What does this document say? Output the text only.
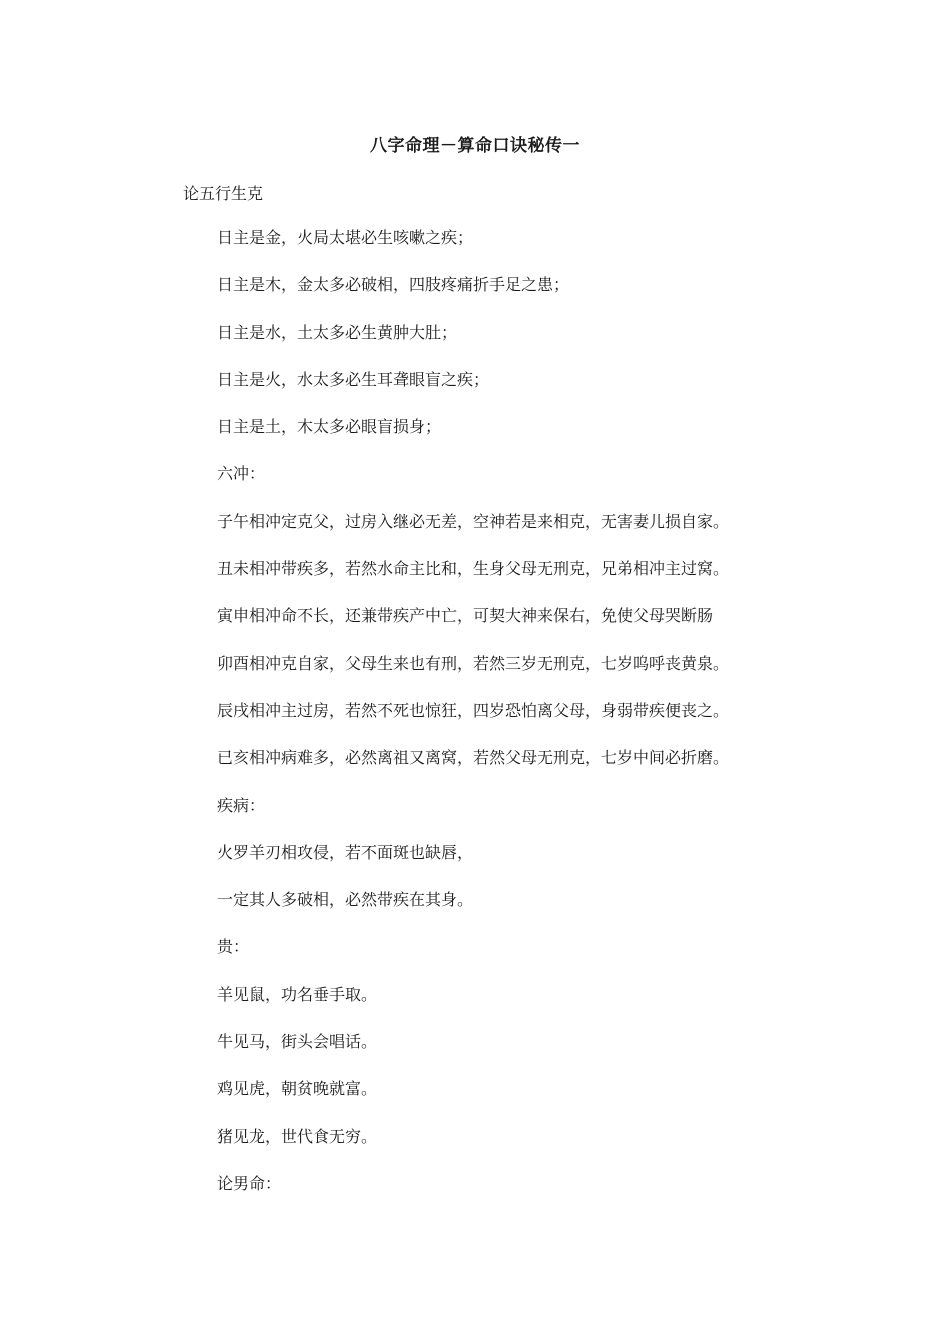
八字命理－算命口诀秘传一

论五行生克

日主是金，火局太堪必生咳嗽之疾；
日主是木，金太多必破相，四肢疼痛折手足之患；
日主是水，土太多必生黄肿大肚；
日主是火，水太多必生耳聋眼盲之疾；
日主是土，木太多必眼盲损身；
六冲：
子午相冲定克父，过房入继必无差，空神若是来相克，无害妻儿损自家。
丑未相冲带疾多，若然水命主比和，生身父母无刑克，兄弟相冲主过窝。
寅申相冲命不长，还兼带疾产中亡，可契大神来保右，免使父母哭断肠
卯酉相冲克自家，父母生来也有刑，若然三岁无刑克，七岁呜呼丧黄泉。
辰戌相冲主过房，若然不死也惊狂，四岁恐怕离父母，身弱带疾便丧之。
已亥相冲病难多，必然离祖又离窝，若然父母无刑克，七岁中间必折磨。
疾病：
火罗羊刃相攻侵，若不面斑也缺唇，
一定其人多破相，必然带疾在其身。
贵：
羊见鼠，功名垂手取。
牛见马，街头会唱话。
鸡见虎，朝贫晚就富。
猪见龙，世代食无穷。
论男命：
